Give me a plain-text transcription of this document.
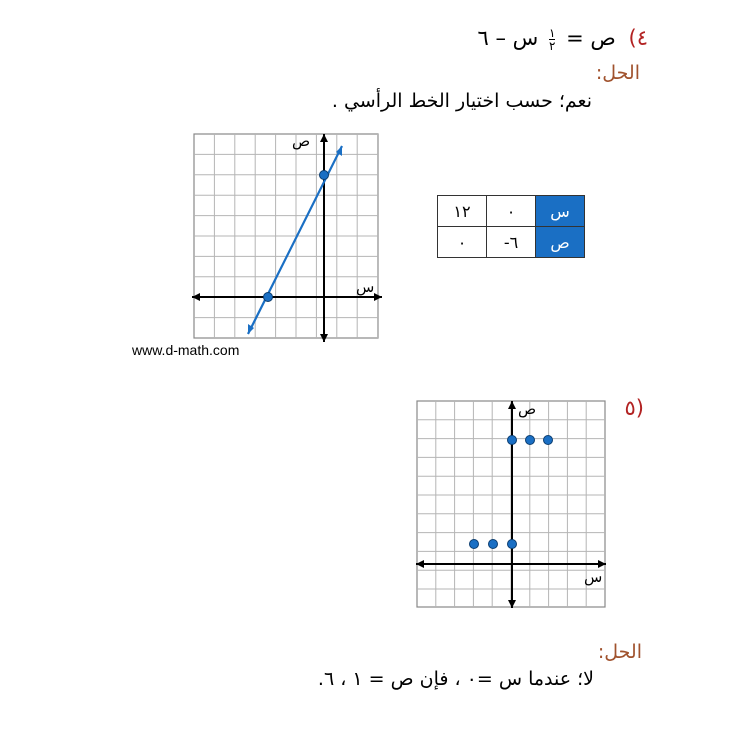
٤) ص =
$\frac{١}{٢}$
س – ٦
الحل:
نعم؛ حسب اختيار الخط الرأسي .
ص
س
www.d-math.com
١٢	٠	س
٠	-٦	ص
٥)
ص
س
الحل:
لا؛ عندما س =٠ ، فإن ص = ١ ، ٦.
